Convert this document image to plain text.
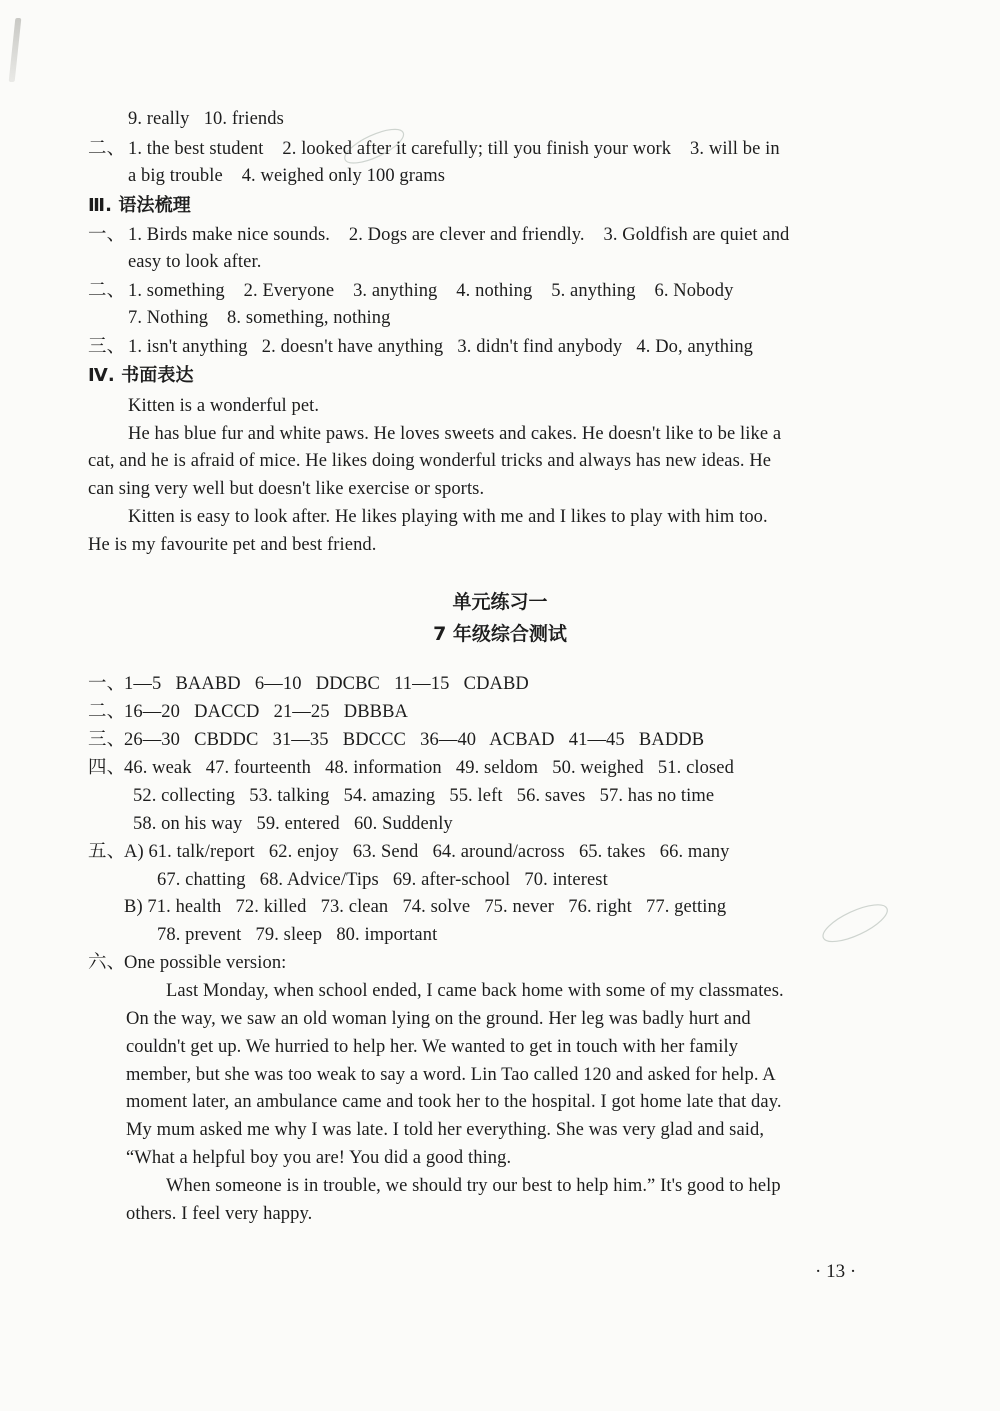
9. really   10. friends
二、 1. the best student    2. looked after it carefully; till you finish your work    3. will be in
a big trouble    4. weighed only 100 grams
Ⅲ. 语法梳理
一、 1. Birds make nice sounds.    2. Dogs are clever and friendly.    3. Goldfish are quiet and
easy to look after.
二、 1. something    2. Everyone    3. anything    4. nothing    5. anything    6. Nobody
7. Nothing    8. something, nothing
三、 1. isn't anything   2. doesn't have anything   3. didn't find anybody   4. Do, anything
Ⅳ. 书面表达
Kitten is a wonderful pet.
He has blue fur and white paws. He loves sweets and cakes. He doesn't like to be like a
cat, and he is afraid of mice. He likes doing wonderful tricks and always has new ideas. He
can sing very well but doesn't like exercise or sports.
Kitten is easy to look after. He likes playing with me and I likes to play with him too.
He is my favourite pet and best friend.
单元练习一
7 年级综合测试
一、
1—5   BAABD   6—10   DDCBC   11—15   CDABD
二、
16—20   DACCD   21—25   DBBBA
三、
26—30   CBDDC   31—35   BDCCC   36—40   ACBAD   41—45   BADDB
四、
46. weak   47. fourteenth   48. information   49. seldom   50. weighed   51. closed
52. collecting   53. talking   54. amazing   55. left   56. saves   57. has no time
58. on his way   59. entered   60. Suddenly
五、
A) 61. talk/report   62. enjoy   63. Send   64. around/across   65. takes   66. many
67. chatting   68. Advice/Tips   69. after-school   70. interest
B) 71. health   72. killed   73. clean   74. solve   75. never   76. right   77. getting
78. prevent   79. sleep   80. important
六、
One possible version:
Last Monday, when school ended, I came back home with some of my classmates.
On the way, we saw an old woman lying on the ground. Her leg was badly hurt and
couldn't get up. We hurried to help her. We wanted to get in touch with her family
member, but she was too weak to say a word. Lin Tao called 120 and asked for help. A
moment later, an ambulance came and took her to the hospital. I got home late that day.
My mum asked me why I was late. I told her everything. She was very glad and said,
“What a helpful boy you are! You did a good thing.
When someone is in trouble, we should try our best to help him.” It's good to help
others. I feel very happy.
· 13 ·
